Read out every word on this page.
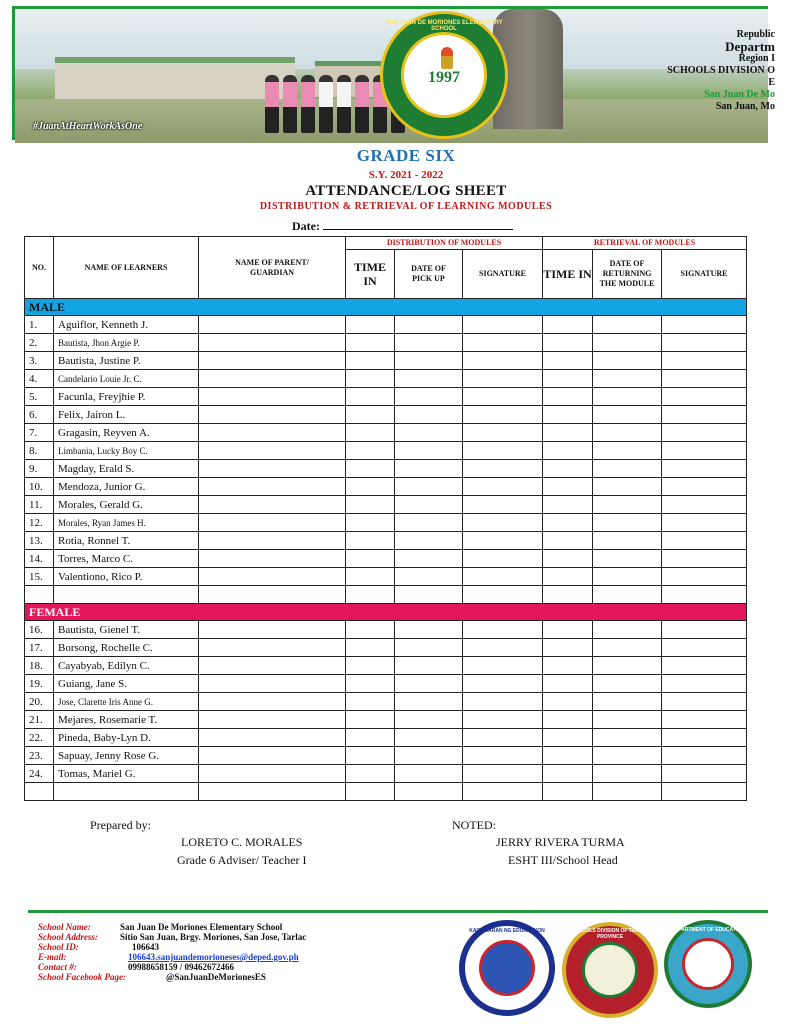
#JuanAtHeartWorkAsOne
SAN JUAN DE MORIONES ELEMENTARY SCHOOL
1997
Republic
Departm
Region I
SCHOOLS DIVISION O
E
San Juan De Mo
San Juan, Mo
GRADE SIX
S.Y. 2021 - 2022
ATTENDANCE/LOG SHEET
DISTRIBUTION & RETRIEVAL OF LEARNING MODULES
Date:
NO.	NAME OF LEARNERS	NAME OF PARENT/ GUARDIAN	DISTRIBUTION OF MODULES			RETRIEVAL OF MODULES		
			TIME IN	DATE OF PICK UP	SIGNATURE	TIME IN	DATE OF RETURNING THE MODULE	SIGNATURE
MALE								
1.	Aguiflor, Kenneth J.							
2.	Bautista, Jhon Argie P.							
3.	Bautista, Justine P.							
4.	Candelario Louie Jr. C.							
5.	Facunla, Freyjhie P.							
6.	Felix, Jairon L.							
7.	Gragasin, Reyven A.							
8.	Limbania, Lucky Boy C.							
9.	Magday, Erald S.							
10.	Mendoza, Junior G.							
11.	Morales, Gerald G.							
12.	Morales, Ryan James H.							
13.	Rotia, Ronnel T.							
14.	Torres, Marco C.							
15.	Valentiono, Rico P.							

FEMALE								
16.	Bautista, Gienel T.							
17.	Borsong, Rochelle C.							
18.	Cayabyab, Edilyn C.							
19.	Guiang, Jane S.							
20.	Jose, Clarette Iris Anne G.							
21.	Mejares, Rosemarie T.							
22.	Pineda, Baby-Lyn D.							
23.	Sapuay, Jenny Rose G.							
24.	Tomas, Mariel G.							

Prepared by:
LORETO C. MORALES
Grade 6 Adviser/ Teacher I
NOTED:
JERRY RIVERA TURMA
ESHT III/School Head
School Name:	San Juan De Moriones Elementary School
School Address:	Sitio San Juan, Brgy. Moriones, San Jose, Tarlac
School ID:	106643
E-mail:	106643.sanjuandemorioneses@deped.gov.ph
Contact #:	09988658159 / 09462672466
School Facebook Page:	@SanJuanDeMorionesES
KAGAWARAN NG EDUKASYON	SCHOOLS DIVISION OF TARLAC PROVINCE
DEPARTMENT OF EDUCATION
